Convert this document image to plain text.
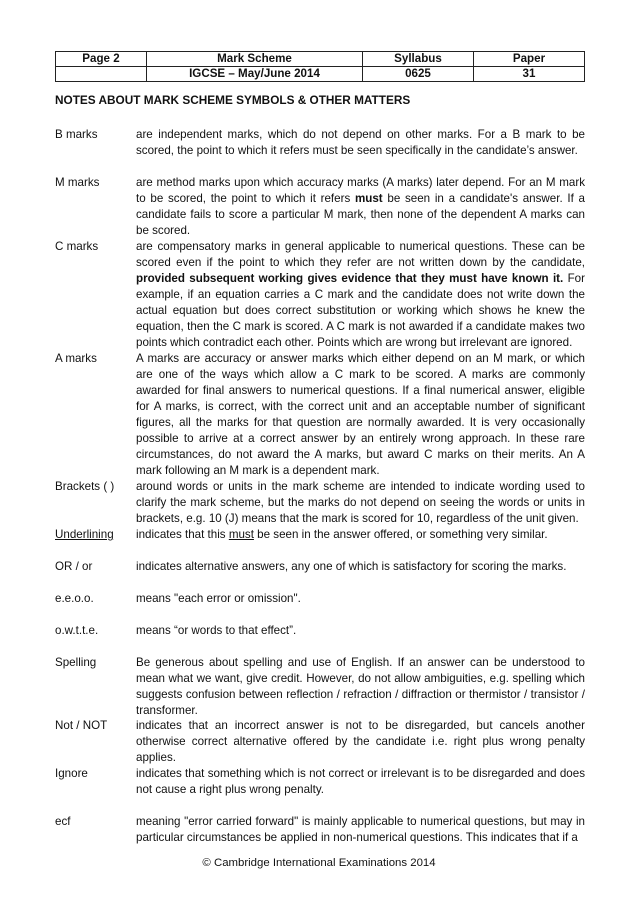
Page 2	Mark Scheme	Syllabus	Paper
	IGCSE – May/June 2014	0625	31
NOTES ABOUT MARK SCHEME SYMBOLS & OTHER MATTERS
B marks	are independent marks, which do not depend on other marks. For a B mark to be scored, the point to which it refers must be seen specifically in the candidate’s answer.
M marks	are method marks upon which accuracy marks (A marks) later depend. For an M mark to be scored, the point to which it refers must be seen in a candidate's answer. If a candidate fails to score a particular M mark, then none of the dependent A marks can be scored.
C marks	are compensatory marks in general applicable to numerical questions. These can be scored even if the point to which they refer are not written down by the candidate, provided subsequent working gives evidence that they must have known it. For example, if an equation carries a C mark and the candidate does not write down the actual equation but does correct substitution or working which shows he knew the equation, then the C mark is scored. A C mark is not awarded if a candidate makes two points which contradict each other. Points which are wrong but irrelevant are ignored.
A marks	A marks are accuracy or answer marks which either depend on an M mark, or which are one of the ways which allow a C mark to be scored. A marks are commonly awarded for final answers to numerical questions. If a final numerical answer, eligible for A marks, is correct, with the correct unit and an acceptable number of significant figures, all the marks for that question are normally awarded. It is very occasionally possible to arrive at a correct answer by an entirely wrong approach. In these rare circumstances, do not award the A marks, but award C marks on their merits. An A mark following an M mark is a dependent mark.
Brackets ( )	around words or units in the mark scheme are intended to indicate wording used to clarify the mark scheme, but the marks do not depend on seeing the words or units in brackets, e.g. 10 (J) means that the mark is scored for 10, regardless of the unit given.
Underlining	indicates that this must be seen in the answer offered, or something very similar.
OR / or	indicates alternative answers, any one of which is satisfactory for scoring the marks.
e.e.o.o.	means "each error or omission".
o.w.t.t.e.	means “or words to that effect”.
Spelling	Be generous about spelling and use of English. If an answer can be understood to mean what we want, give credit. However, do not allow ambiguities, e.g. spelling which suggests confusion between reflection / refraction / diffraction or thermistor / transistor / transformer.
Not / NOT	indicates that an incorrect answer is not to be disregarded, but cancels another otherwise correct alternative offered by the candidate i.e. right plus wrong penalty applies.
Ignore	indicates that something which is not correct or irrelevant is to be disregarded and does not cause a right plus wrong penalty.
ecf	meaning "error carried forward" is mainly applicable to numerical questions, but may in particular circumstances be applied in non-numerical questions. This indicates that if a
© Cambridge International Examinations 2014
